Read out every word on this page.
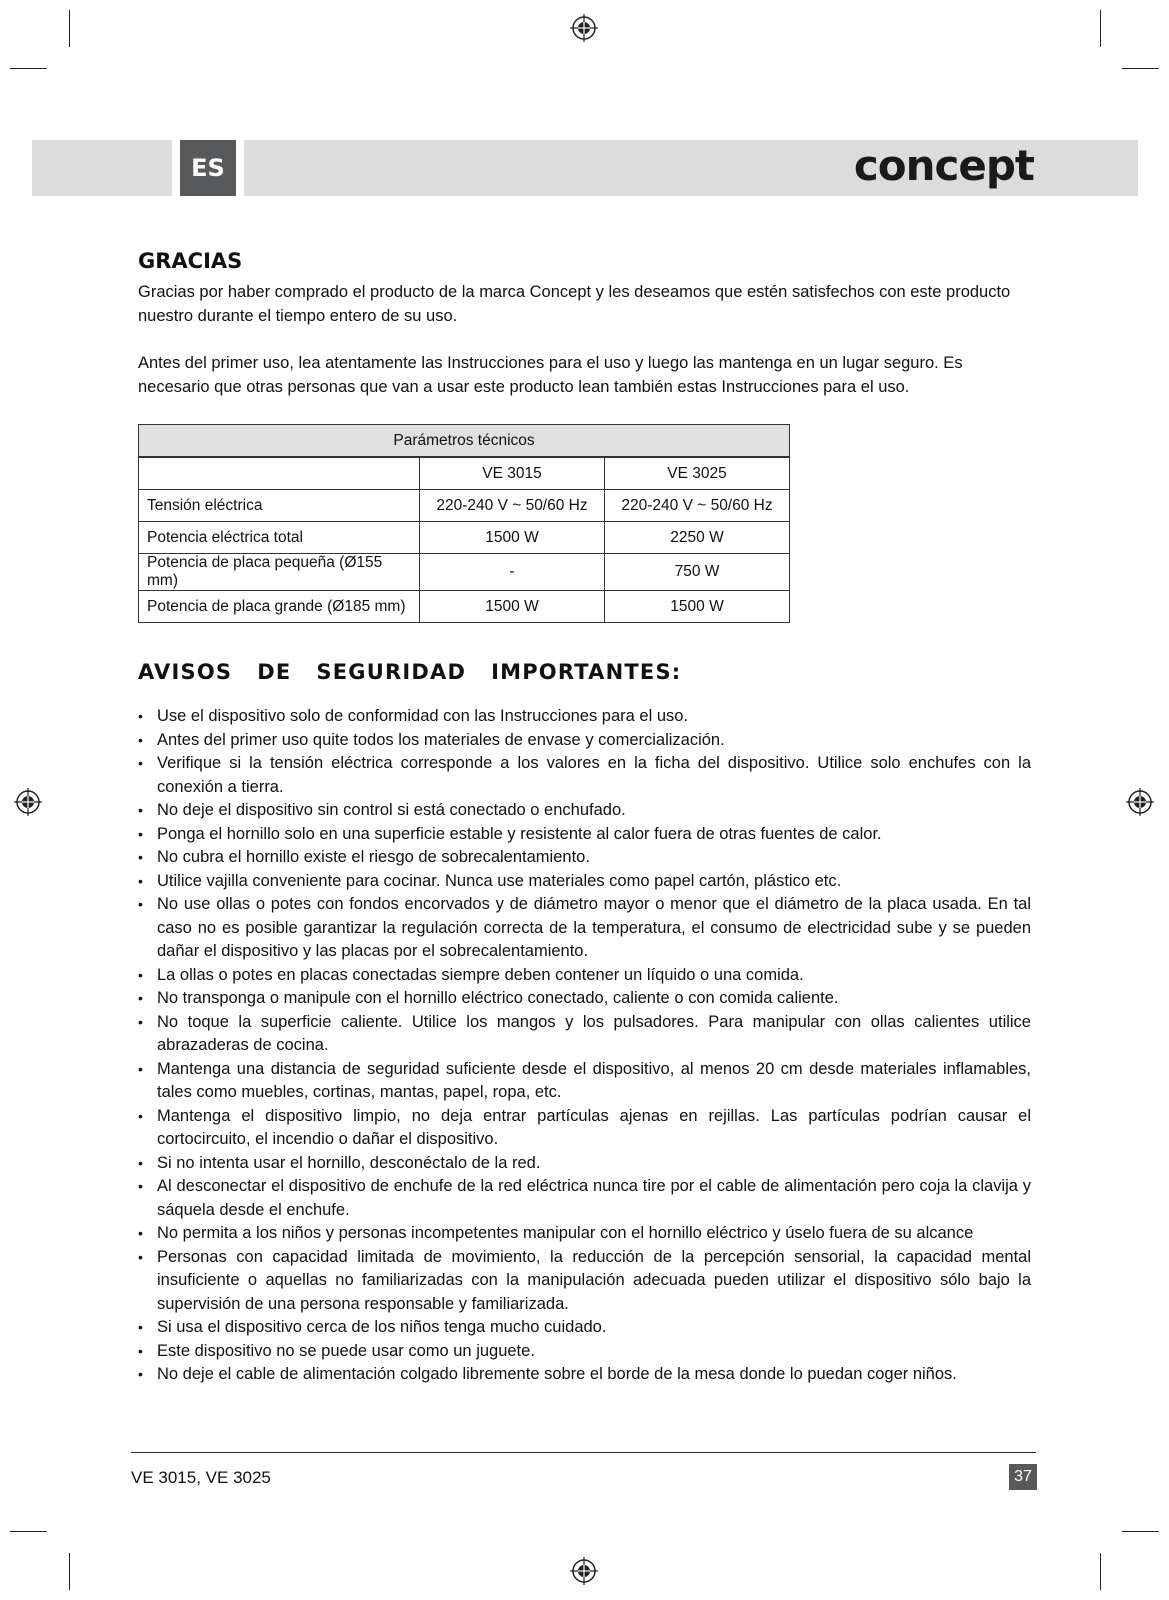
ES	concept
GRACIAS

Gracias por haber comprado el producto de la marca Concept y les deseamos que estén satisfechos con este producto nuestro durante el tiempo entero de su uso.

Antes del primer uso, lea atentamente las Instrucciones para el uso y luego las mantenga en un lugar seguro. Es necesario que otras personas que van a usar este producto lean también estas Instrucciones para el uso.

Parámetros técnicos		
	VE 3015	VE 3025
Tensión eléctrica	220-240 V ~ 50/60 Hz	220-240 V ~ 50/60 Hz
Potencia eléctrica total	1500 W	2250 W
Potencia de placa pequeña (Ø155 mm)	-	750 W
Potencia de placa grande (Ø185 mm)	1500 W	1500 W
AVISOS  DE  SEGURIDAD  IMPORTANTES:
• Use el dispositivo solo de conformidad con las Instrucciones para el uso.
• Antes del primer uso quite todos los materiales de envase y comercialización.
• Verifique si la tensión eléctrica corresponde a los valores en la ficha del dispositivo. Utilice solo enchufes con la conexión a tierra.
• No deje el dispositivo sin control si está conectado o enchufado.
• Ponga el hornillo solo en una superficie estable y resistente al calor fuera de otras fuentes de calor.
• No cubra el hornillo existe el riesgo de sobrecalentamiento.
• Utilice vajilla conveniente para cocinar. Nunca use materiales como papel cartón, plástico etc.
• No use ollas o potes con fondos encorvados y de diámetro mayor o menor que el diámetro de la placa usada. En tal caso no es posible garantizar la regulación correcta de la temperatura, el consumo de electricidad sube y se pueden dañar el dispositivo y las placas por el sobrecalentamiento.
• La ollas o potes en placas conectadas siempre deben contener un líquido o una comida.
• No transponga o manipule con el hornillo eléctrico conectado, caliente o con comida caliente.
• No toque la superficie caliente. Utilice los mangos y los pulsadores. Para manipular con ollas calientes utilice abrazaderas de cocina.
• Mantenga una distancia de seguridad suficiente desde el dispositivo, al menos 20 cm desde materiales inflamables, tales como muebles, cortinas, mantas, papel, ropa, etc.
• Mantenga el dispositivo limpio, no deja entrar partículas ajenas en rejillas. Las partículas podrían causar el cortocircuito, el incendio o dañar el dispositivo.
• Si no intenta usar el hornillo, desconéctalo de la red.
• Al desconectar el dispositivo de enchufe de la red eléctrica nunca tire por el cable de alimentación pero coja la clavija y sáquela desde el enchufe.
• No permita a los niños y personas incompetentes manipular con el hornillo eléctrico y úselo fuera de su alcance
• Personas con capacidad limitada de movimiento, la reducción de la percepción sensorial, la capacidad mental insuficiente o aquellas no familiarizadas con la manipulación adecuada pueden utilizar el dispositivo sólo bajo la supervisión de una persona responsable y familiarizada.
• Si usa el dispositivo cerca de los niños tenga mucho cuidado.
• Este dispositivo no se puede usar como un juguete.
• No deje el cable de alimentación colgado libremente sobre el borde de la mesa donde lo puedan coger niños.
VE 3015, VE 3025	37
